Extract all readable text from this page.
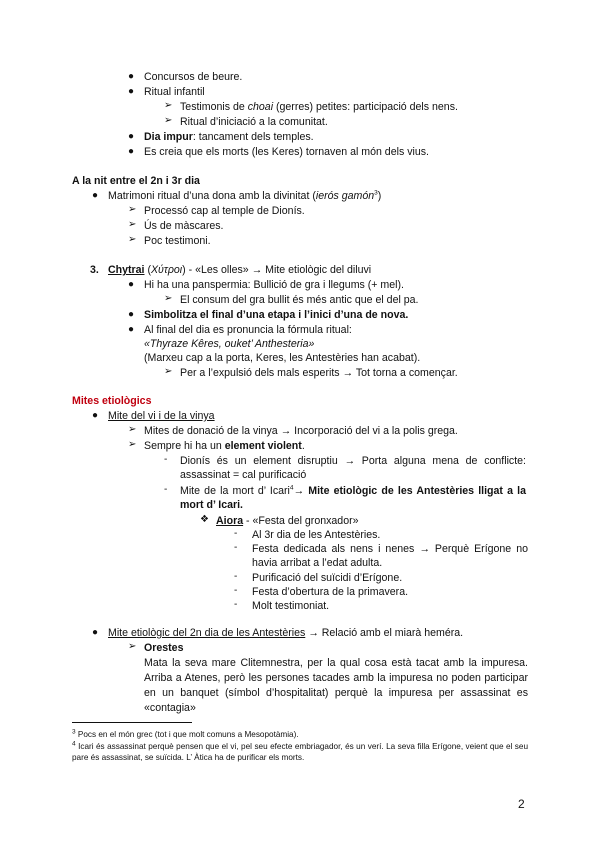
● Concursos de beure.
● Ritual infantil
➢ Testimonis de choai (gerres) petites: participació dels nens.
➢ Ritual d’iniciació a la comunitat.
● Dia impur: tancament dels temples.
● Es creia que els morts (les Keres) tornaven al món dels vius.
A la nit entre el 2n i 3r dia
● Matrimoni ritual d’una dona amb la divinitat (ierós gamón$^3$)
➢ Processó cap al temple de Dionís.
➢ Ús de màscares.
➢ Poc testimoni.
3. Chytrai (Χύτροι) - «Les olles» → Mite etiològic del diluvi
● Hi ha una panspermia: Bullició de gra i llegums (+ mel).
➢ El consum del gra bullit és més antic que el del pa.
● Simbolitza el final d’una etapa i l’inici d’una de nova.
● Al final del dia es pronuncia la fórmula ritual:
«Thyraze Kêres, ouket’ Anthesteria»
(Marxeu cap a la porta, Keres, les Antestèries han acabat).
➢ Per a l’expulsió dels mals esperits → Tot torna a començar.
Mites etiològics
● Mite del vi i de la vinya
➢ Mites de donació de la vinya → Incorporació del vi a la polis grega.
➢ Sempre hi ha un element violent.
- Dionís és un element disruptiu → Porta alguna mena de conflicte: assassinat = cal purificació
- Mite de la mort d’ Icari$^4$→ Mite etiològic de les Antestèries lligat a la mort d’ Icari.
❖ Aiora - «Festa del gronxador»
- Al 3r dia de les Antestèries.
- Festa dedicada als nens i nenes → Perquè Erígone no havia arribat a l’edat adulta.
- Purificació del suïcidi d’Erígone.
- Festa d’obertura de la primavera.
- Molt testimoniat.
● Mite etiològic del 2n dia de les Antestèries → Relació amb el miarà heméra.
➢ Orestes
Mata la seva mare Clitemnestra, per la qual cosa està tacat amb la impuresa. Arriba a Atenes, però les persones tacades amb la impuresa no poden participar en un banquet (símbol d’hospitalitat) perquè la impuresa per assassinat es «contagia»
$^3$ Pocs en el món grec (tot i que molt comuns a Mesopotàmia).
$^4$ Icari és assassinat perquè pensen que el vi, pel seu efecte embriagador, és un verí. La seva filla Erígone, veient que el seu pare és assassinat, se suïcida. L’ Àtica ha de purificar els morts.
2
